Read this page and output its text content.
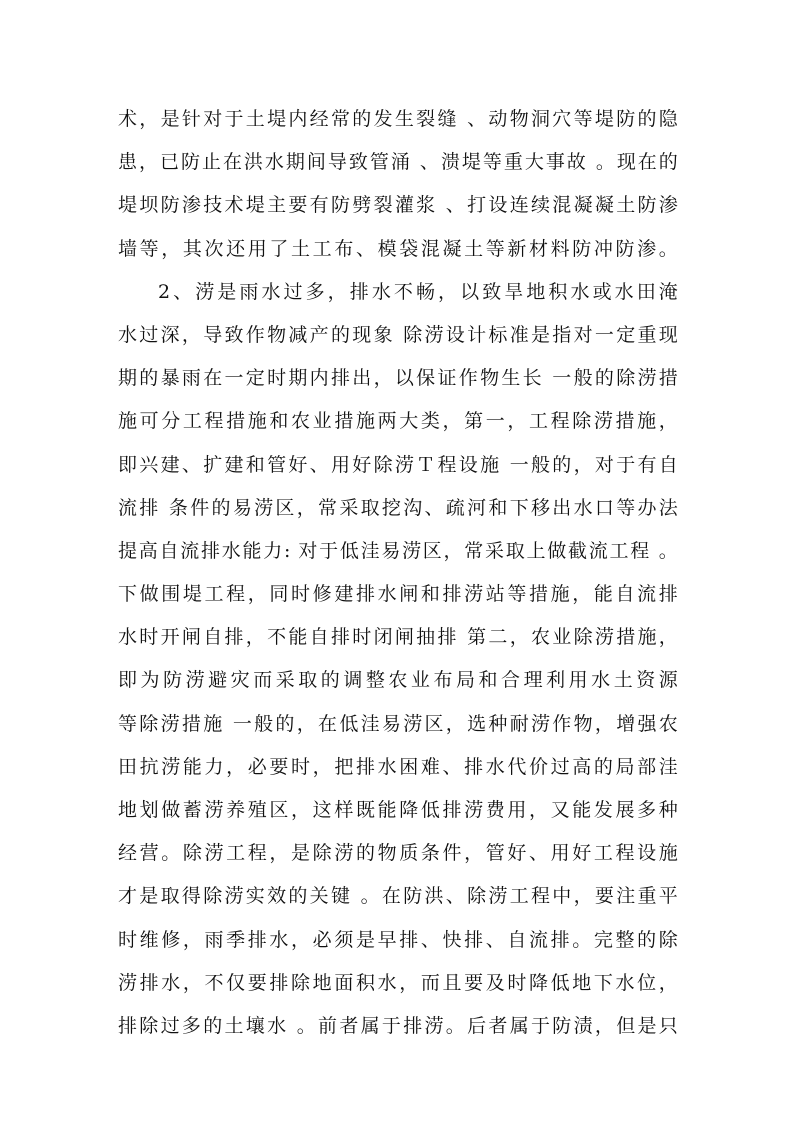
术，是针对于土堤内经常的发生裂缝 、动物洞穴等堤防的隐
患，已防止在洪水期间导致管涌 、溃堤等重大事故 。现在的
堤坝防渗技术堤主要有防劈裂灌浆 、打设连续混凝凝土防渗
墙等，其次还用了土工布、模袋混凝土等新材料防冲防渗。
2、涝是雨水过多，排水不畅，以致旱地积水或水田淹
水过深，导致作物减产的现象 除涝设计标准是指对一定重现
期的暴雨在一定时期内排出，以保证作物生长 一般的除涝措
施可分工程措施和农业措施两大类，第一，工程除涝措施，
即兴建、扩建和管好、用好除涝Ｔ程设施 一般的，对于有自
流排 条件的易涝区，常采取挖沟、疏河和下移出水口等办法
提高自流排水能力: 对于低洼易涝区，常采取上做截流工程 。
下做围堤工程，同时修建排水闸和排涝站等措施，能自流排
水时开闸自排，不能自排时闭闸抽排 第二，农业除涝措施，
即为防涝避灾而采取的调整农业布局和合理利用水土资源
等除涝措施 一般的，在低洼易涝区，选种耐涝作物，增强农
田抗涝能力，必要时，把排水困难、排水代价过高的局部洼
地划做蓄涝养殖区，这样既能降低排涝费用，又能发展多种
经营。除涝工程，是除涝的物质条件，管好、用好工程设施
才是取得除涝实效的关键 。在防洪、除涝工程中，要注重平
时维修，雨季排水，必须是早排、快排、自流排。完整的除
涝排水，不仅要排除地面积水，而且要及时降低地下水位，
排除过多的土壤水 。前者属于排涝。后者属于防渍，但是只
